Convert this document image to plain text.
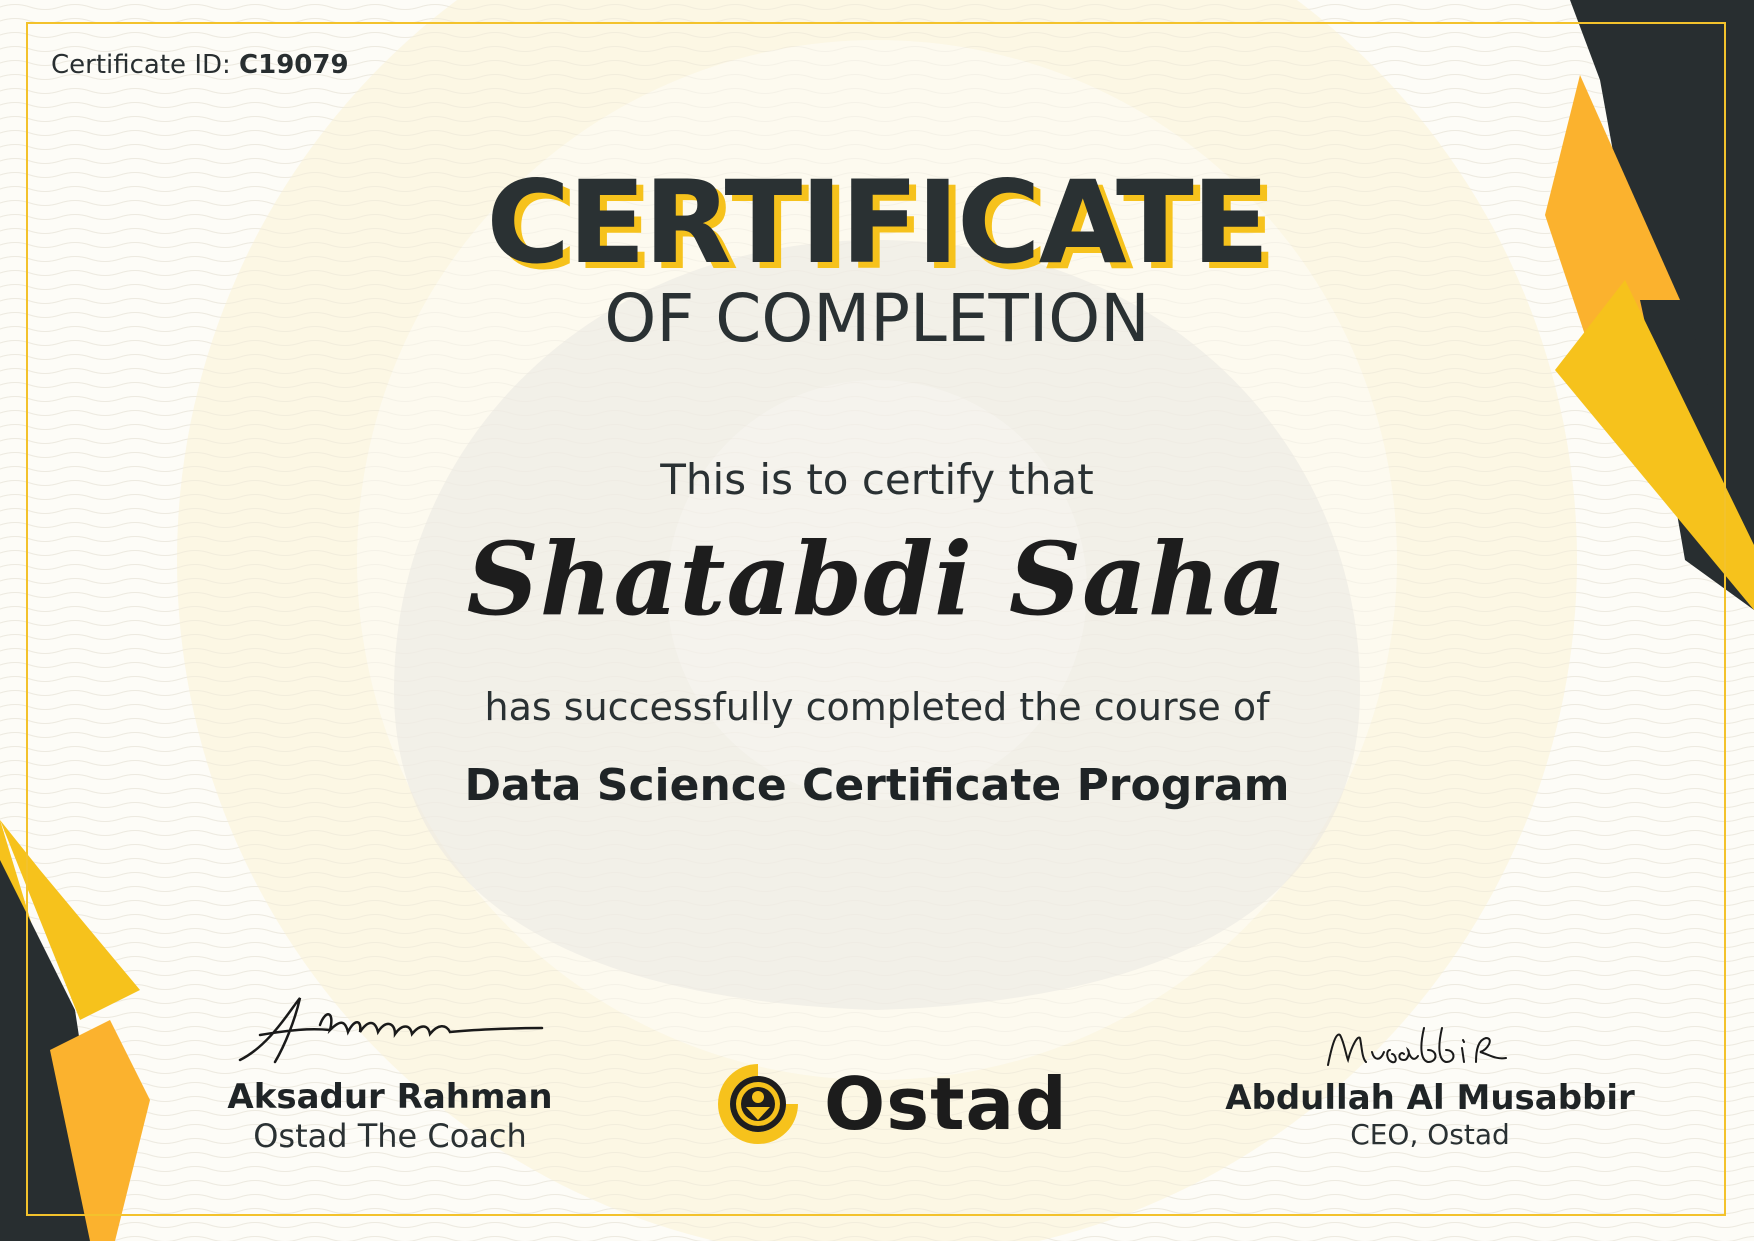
Certificate ID: C19079
CERTIFICATE
OF COMPLETION
This is to certify that
Shatabdi Saha
has successfully completed the course of
Data Science Certificate Program
Aksadur Rahman
Ostad The Coach	Ostad	Abdullah Al Musabbir
CEO, Ostad
